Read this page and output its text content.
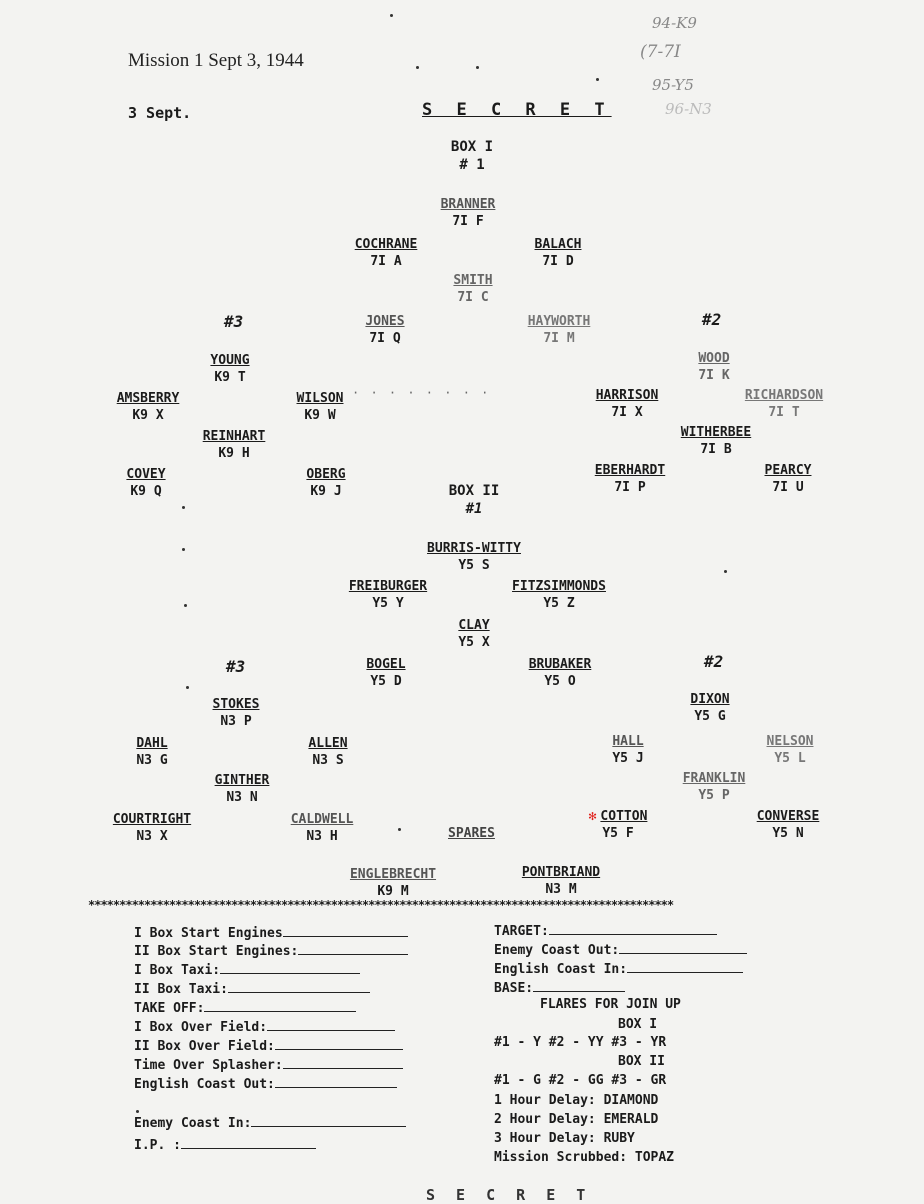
Mission 1 Sept 3, 1944
3 Sept.	S E C R E T
94-K9
(7-7I
95-Y5
96-N3
BOX I
# 1
BRANNER
7I F
COCHRANE
7I A
BALACH
7I D
SMITH
7I C
JONES
7I Q
HAYWORTH
7I M
#3
YOUNG
K9 T
AMSBERRY
K9 X
WILSON
K9 W
· · · · · · · ·
REINHART
K9 H
COVEY
K9 Q
OBERG
K9 J
#2
WOOD
7I K
HARRISON
7I X
RICHARDSON
7I T
WITHERBEE
7I B
EBERHARDT
7I P
PEARCY
7I U
BOX II
#1
BURRIS-WITTY
Y5 S
FREIBURGER
Y5 Y
FITZSIMMONDS
Y5 Z
CLAY
Y5 X
BOGEL
Y5 D
BRUBAKER
Y5 O
#3
STOKES
N3 P
DAHL
N3 G
ALLEN
N3 S
GINTHER
N3 N
COURTRIGHT
N3 X
CALDWELL
N3 H
#2
DIXON
Y5 G
HALL
Y5 J
NELSON
Y5 L
FRANKLIN
Y5 P
✻ COTTON
Y5 F
CONVERSE
Y5 N
SPARES
ENGLEBRECHT
K9 M
PONTBRIAND
N3 M
**********************************************************************************************
I Box Start Engines
II Box Start Engines:
I Box Taxi:
II Box Taxi:
TAKE OFF:
I Box Over Field:
II Box Over Field:
Time Over Splasher:
English Coast Out:
Enemy Coast In:
I.P. :
TARGET:
Enemy Coast Out:
English Coast In:
BASE:
FLARES FOR JOIN UP
BOX I
#1 - Y #2 - YY #3 - YR
BOX II
#1 - G #2 - GG #3 - GR
1 Hour Delay: DIAMOND
2 Hour Delay: EMERALD
3 Hour Delay: RUBY
Mission Scrubbed: TOPAZ
S E C R E T
